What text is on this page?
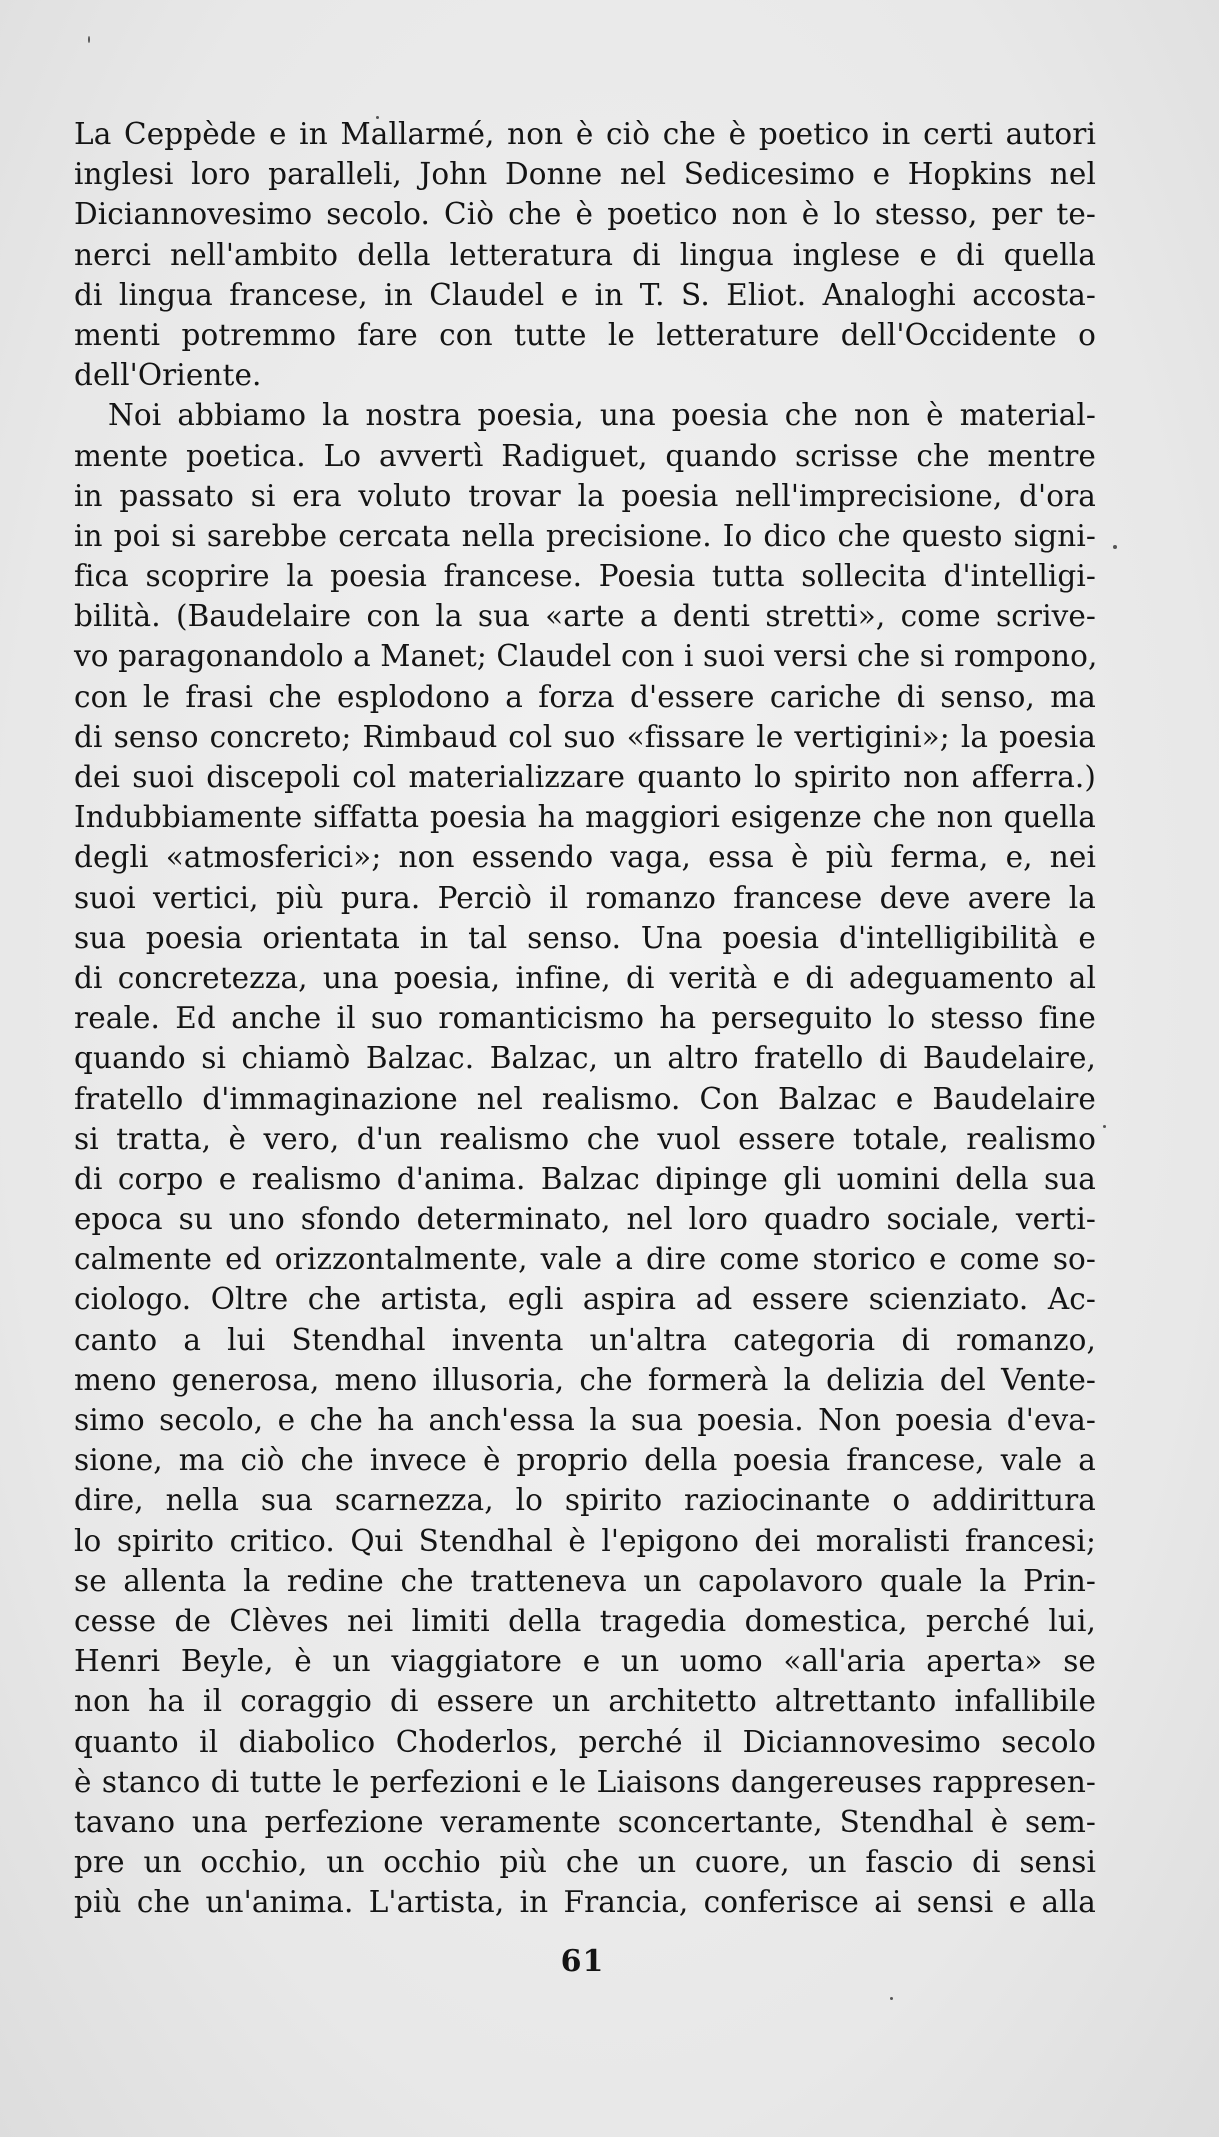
La Ceppède e in Mallarmé, non è ciò che è poetico in certi autori
inglesi loro paralleli, John Donne nel Sedicesimo e Hopkins nel
Diciannovesimo secolo. Ciò che è poetico non è lo stesso, per te-
nerci nell'ambito della letteratura di lingua inglese e di quella
di lingua francese, in Claudel e in T. S. Eliot. Analoghi accosta-
menti potremmo fare con tutte le letterature dell'Occidente o
dell'Oriente.
Noi abbiamo la nostra poesia, una poesia che non è material-
mente poetica. Lo avvertì Radiguet, quando scrisse che mentre
in passato si era voluto trovar la poesia nell'imprecisione, d'ora
in poi si sarebbe cercata nella precisione. Io dico che questo signi-
fica scoprire la poesia francese. Poesia tutta sollecita d'intelligi-
bilità. (Baudelaire con la sua «arte a denti stretti», come scrive-
vo paragonandolo a Manet; Claudel con i suoi versi che si rompono,
con le frasi che esplodono a forza d'essere cariche di senso, ma
di senso concreto; Rimbaud col suo «fissare le vertigini»; la poesia
dei suoi discepoli col materializzare quanto lo spirito non afferra.)
Indubbiamente siffatta poesia ha maggiori esigenze che non quella
degli «atmosferici»; non essendo vaga, essa è più ferma, e, nei
suoi vertici, più pura. Perciò il romanzo francese deve avere la
sua poesia orientata in tal senso. Una poesia d'intelligibilità e
di concretezza, una poesia, infine, di verità e di adeguamento al
reale. Ed anche il suo romanticismo ha perseguito lo stesso fine
quando si chiamò Balzac. Balzac, un altro fratello di Baudelaire,
fratello d'immaginazione nel realismo. Con Balzac e Baudelaire
si tratta, è vero, d'un realismo che vuol essere totale, realismo
di corpo e realismo d'anima. Balzac dipinge gli uomini della sua
epoca su uno sfondo determinato, nel loro quadro sociale, verti-
calmente ed orizzontalmente, vale a dire come storico e come so-
ciologo. Oltre che artista, egli aspira ad essere scienziato. Ac-
canto a lui Stendhal inventa un'altra categoria di romanzo,
meno generosa, meno illusoria, che formerà la delizia del Vente-
simo secolo, e che ha anch'essa la sua poesia. Non poesia d'eva-
sione, ma ciò che invece è proprio della poesia francese, vale a
dire, nella sua scarnezza, lo spirito raziocinante o addirittura
lo spirito critico. Qui Stendhal è l'epigono dei moralisti francesi;
se allenta la redine che tratteneva un capolavoro quale la Prin-
cesse de Clèves nei limiti della tragedia domestica, perché lui,
Henri Beyle, è un viaggiatore e un uomo «all'aria aperta» se
non ha il coraggio di essere un architetto altrettanto infallibile
quanto il diabolico Choderlos, perché il Diciannovesimo secolo
è stanco di tutte le perfezioni e le Liaisons dangereuses rappresen-
tavano una perfezione veramente sconcertante, Stendhal è sem-
pre un occhio, un occhio più che un cuore, un fascio di sensi
più che un'anima. L'artista, in Francia, conferisce ai sensi e alla
61
